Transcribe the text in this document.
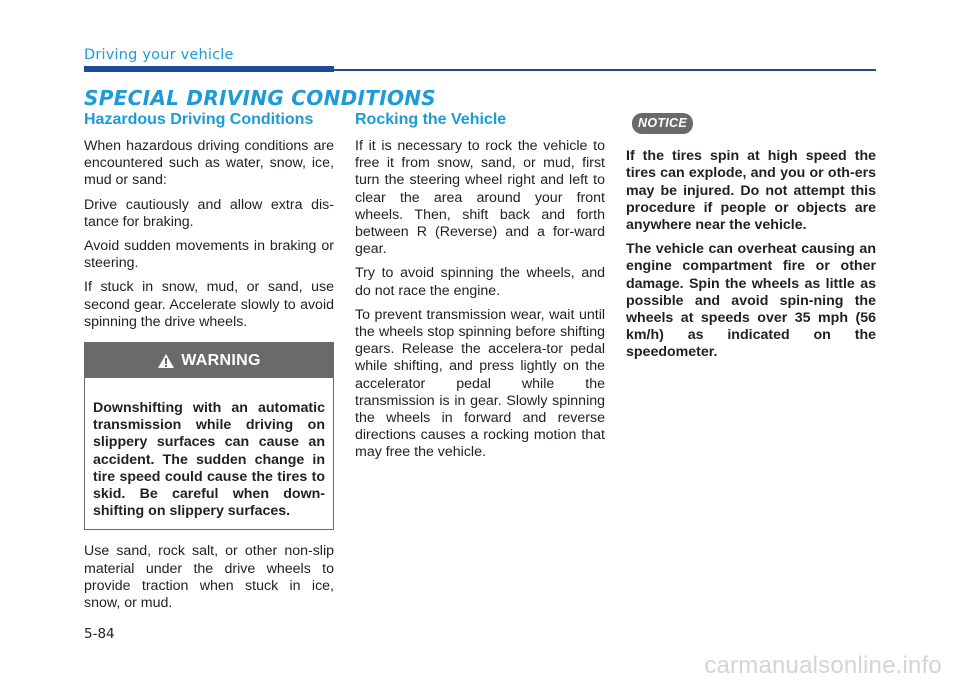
Driving your vehicle
SPECIAL DRIVING CONDITIONS
Hazardous Driving Conditions

When hazardous driving conditions are encountered such as water, snow, ice, mud or sand:

Drive cautiously and allow extra dis-tance for braking.

Avoid sudden movements in braking or steering.

If stuck in snow, mud, or sand, use second gear. Accelerate slowly to avoid spinning the drive wheels.

WARNING
Downshifting with an automatic transmission while driving on slippery surfaces can cause an accident. The sudden change in tire speed could cause the tires to skid. Be careful when down-shifting on slippery surfaces.

Use sand, rock salt, or other non-slip material under the drive wheels to provide traction when stuck in ice, snow, or mud.

Rocking the Vehicle

If it is necessary to rock the vehicle to free it from snow, sand, or mud, first turn the steering wheel right and left to clear the area around your front wheels. Then, shift back and forth between R (Reverse) and a for-ward gear.

Try to avoid spinning the wheels, and do not race the engine.

To prevent transmission wear, wait until the wheels stop spinning before shifting gears. Release the accelera-tor pedal while shifting, and press lightly on the accelerator pedal while the transmission is in gear. Slowly spinning the wheels in forward and reverse directions causes a rocking motion that may free the vehicle.

NOTICE

If the tires spin at high speed the tires can explode, and you or oth-ers may be injured. Do not attempt this procedure if people or objects are anywhere near the vehicle.

The vehicle can overheat causing an engine compartment fire or other damage. Spin the wheels as little as possible and avoid spin-ning the wheels at speeds over 35 mph (56 km/h) as indicated on the speedometer.

5-84
carmanualsonline.info
